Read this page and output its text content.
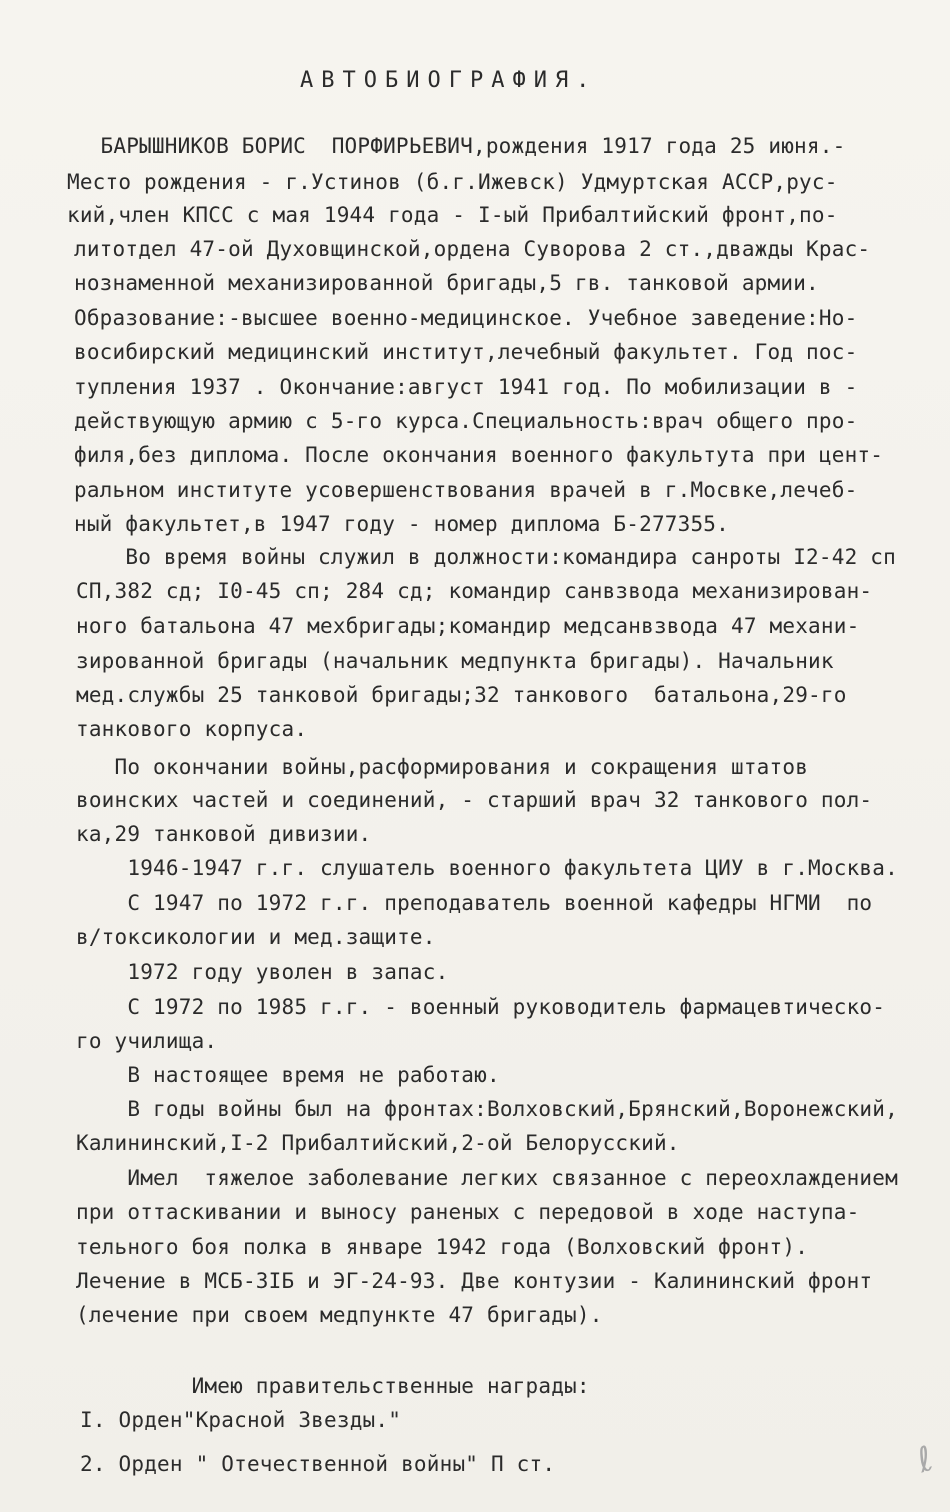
АВТОБИОГРАФИЯ.
БАРЫШНИКОВ БОРИС  ПОРФИРЬЕВИЧ,рождения 1917 года 25 июня.-
Место рождения - г.Устинов (б.г.Ижевск) Удмуртская АССР,рус-
кий,член КПСС с мая 1944 года - I-ый Прибалтийский фронт,по-
литотдел 47-ой Духовщинской,ордена Суворова 2 ст.,дважды Крас-
нознаменной механизированной бригады,5 гв. танковой армии.
Образование:-высшее военно-медицинское. Учебное заведение:Но-
восибирский медицинский институт,лечебный факультет. Год пос-
тупления 1937 . Окончание:август 1941 год. По мобилизации в -
действующую армию с 5-го курса.Специальность:врач общего про-
филя,без диплома. После окончания военного факультута при цент-
ральном институте усовершенствования врачей в г.Мосвке,лечеб-
ный факультет,в 1947 году - номер диплома Б-277355.
Во время войны служил в должности:командира санроты I2-42 сп
СП,382 сд; I0-45 сп; 284 сд; командир санвзвода механизирован-
ного батальона 47 мехбригады;командир медсанвзвода 47 механи-
зированной бригады (начальник медпункта бригады). Начальник
мед.службы 25 танковой бригады;32 танкового  батальона,29-го
танкового корпуса.
По окончании войны,расформирования и сокращения штатов
воинских частей и соединений, - старший врач 32 танкового пол-
ка,29 танковой дивизии.
1946-1947 г.г. слушатель военного факультета ЦИУ в г.Москва.
С 1947 по 1972 г.г. преподаватель военной кафедры НГМИ  по
в/токсикологии и мед.защите.
1972 году уволен в запас.
С 1972 по 1985 г.г. - военный руководитель фармацевтическо-
го училища.
В настоящее время не работаю.
В годы войны был на фронтах:Волховский,Брянский,Воронежский,
Калининский,I-2 Прибалтийский,2-ой Белорусский.
Имел  тяжелое заболевание легких связанное с переохлаждением
при оттаскивании и выносу раненых с передовой в ходе наступа-
тельного боя полка в январе 1942 года (Волховский фронт).
Лечение в МСБ-3IБ и ЭГ-24-93. Две контузии - Калининский фронт
(лечение при своем медпункте 47 бригады).
Имею правительственные награды:
I. Орден"Красной Звезды."
2. Орден " Отечественной войны" П ст.	ℓ
